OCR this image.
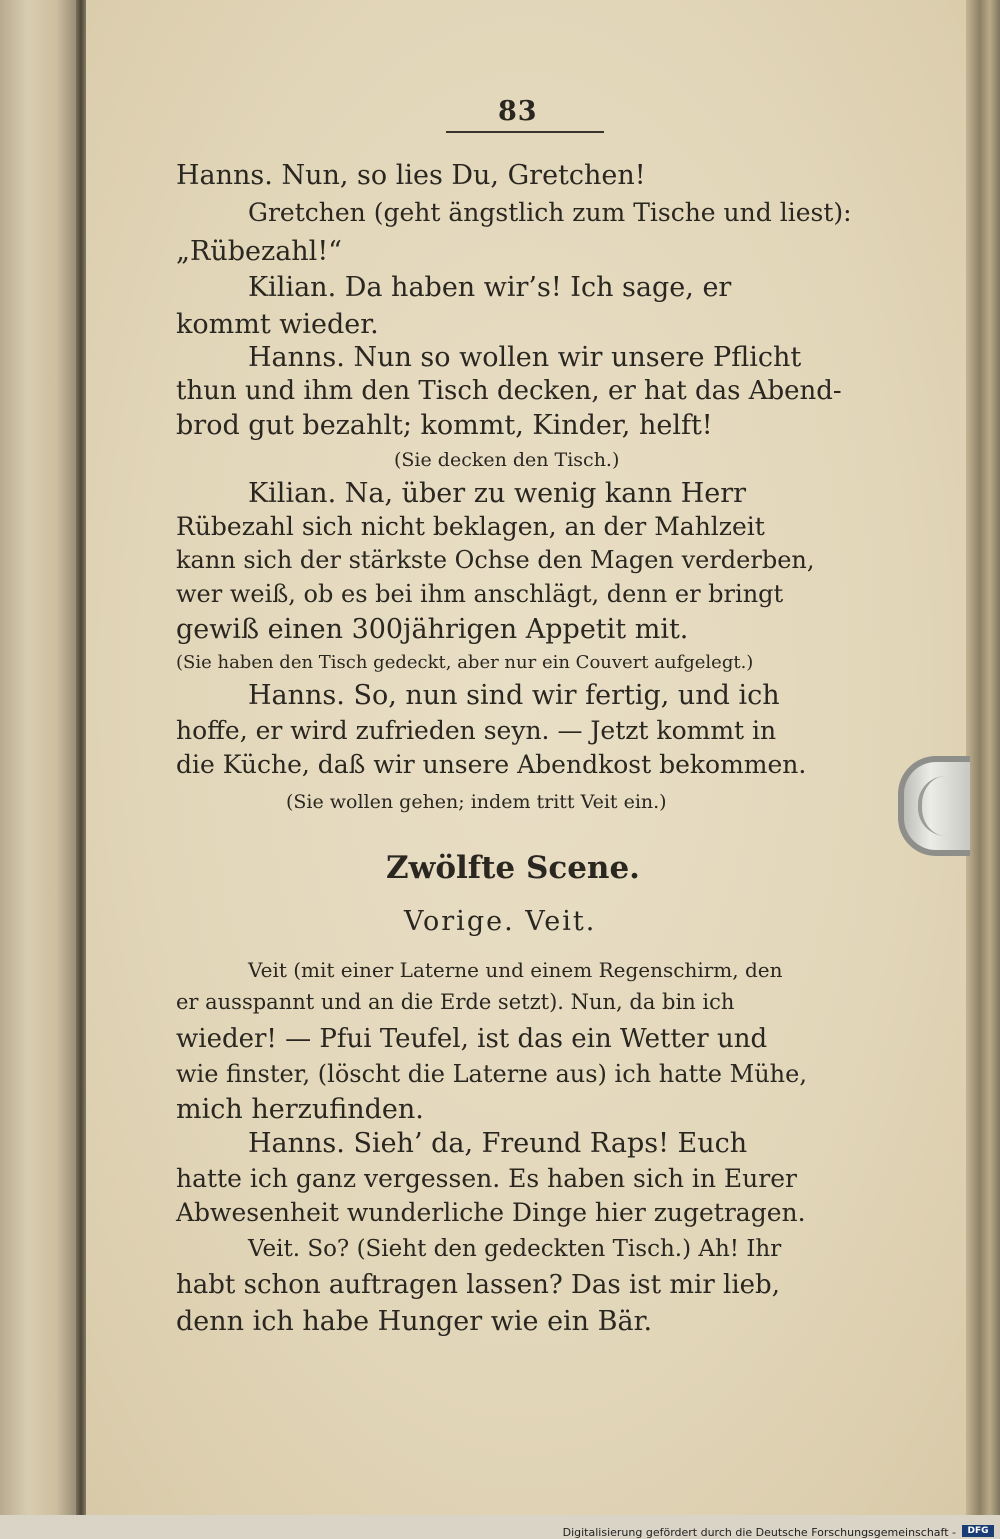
83
Hanns. Nun, so lies Du, Gretchen!
Gretchen (geht ängstlich zum Tische und liest):
„Rübezahl!“
Kilian. Da haben wir’s! Ich sage, er
kommt wieder.
Hanns. Nun so wollen wir unsere Pflicht
thun und ihm den Tisch decken, er hat das Abend-
brod gut bezahlt; kommt, Kinder, helft!
(Sie decken den Tisch.)
Kilian. Na, über zu wenig kann Herr
Rübezahl sich nicht beklagen, an der Mahlzeit
kann sich der stärkste Ochse den Magen verderben,
wer weiß, ob es bei ihm anschlägt, denn er bringt
gewiß einen 300jährigen Appetit mit.
(Sie haben den Tisch gedeckt, aber nur ein Couvert aufgelegt.)
Hanns. So, nun sind wir fertig, und ich
hoffe, er wird zufrieden seyn. — Jetzt kommt in
die Küche, daß wir unsere Abendkost bekommen.
(Sie wollen gehen; indem tritt Veit ein.)
Zwölfte Scene.
Vorige. Veit.
Veit (mit einer Laterne und einem Regenschirm, den
er ausspannt und an die Erde setzt). Nun, da bin ich
wieder! — Pfui Teufel, ist das ein Wetter und
wie finster, (löscht die Laterne aus) ich hatte Mühe,
mich herzufinden.
Hanns. Sieh’ da, Freund Raps! Euch
hatte ich ganz vergessen. Es haben sich in Eurer
Abwesenheit wunderliche Dinge hier zugetragen.
Veit. So? (Sieht den gedeckten Tisch.) Ah! Ihr
habt schon auftragen lassen? Das ist mir lieb,
denn ich habe Hunger wie ein Bär.
Digitalisierung gefördert durch die Deutsche Forschungsgemeinschaft -	DFG
